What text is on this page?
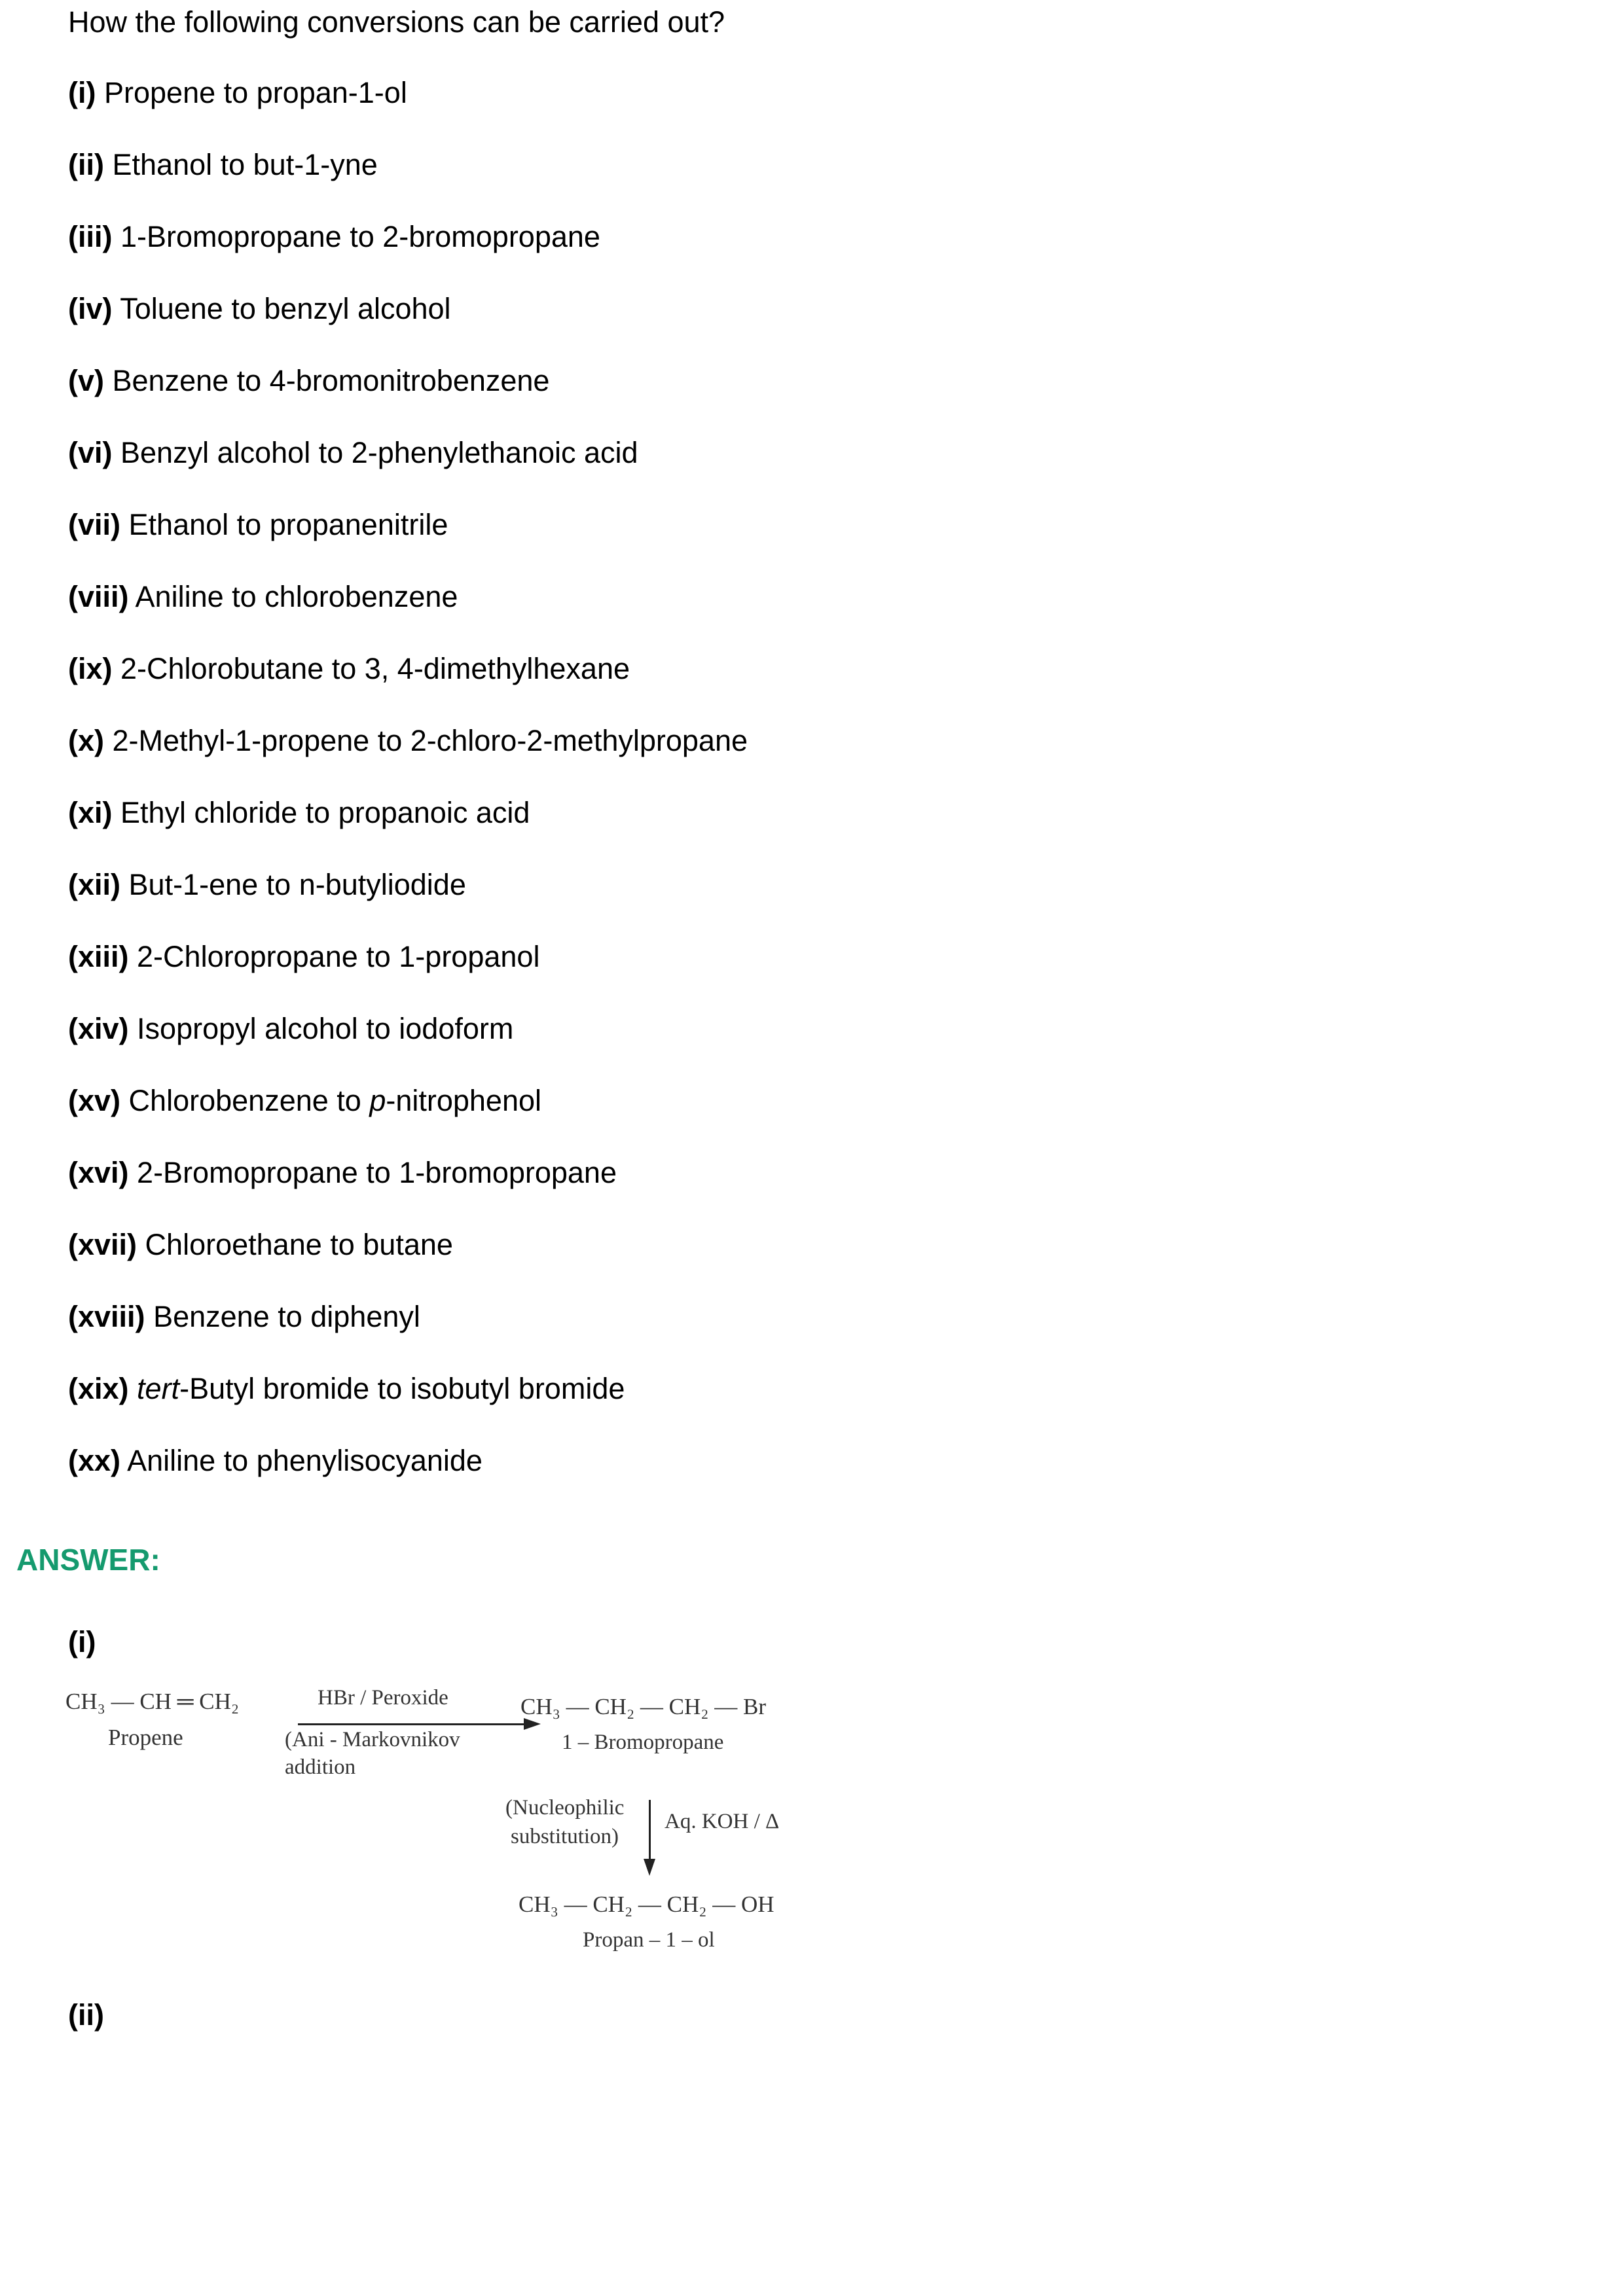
How the following conversions can be carried out?
(i) Propene to propan-1-ol
(ii) Ethanol to but-1-yne
(iii) 1-Bromopropane to 2-bromopropane
(iv) Toluene to benzyl alcohol
(v) Benzene to 4-bromonitrobenzene
(vi) Benzyl alcohol to 2-phenylethanoic acid
(vii) Ethanol to propanenitrile
(viii) Aniline to chlorobenzene
(ix) 2-Chlorobutane to 3, 4-dimethylhexane
(x) 2-Methyl-1-propene to 2-chloro-2-methylpropane
(xi) Ethyl chloride to propanoic acid
(xii) But-1-ene to n-butyliodide
(xiii) 2-Chloropropane to 1-propanol
(xiv) Isopropyl alcohol to iodoform
(xv) Chlorobenzene to p-nitrophenol
(xvi) 2-Bromopropane to 1-bromopropane
(xvii) Chloroethane to butane
(xviii) Benzene to diphenyl
(xix) tert-Butyl bromide to isobutyl bromide
(xx) Aniline to phenylisocyanide
ANSWER:
(i)
CH₃ — CH ═ CH₂
Propene
HBr / Peroxide
(Ani - Markovnikov
addition
CH₃ — CH₂ — CH₂ — Br
1 – Bromopropane
(Nucleophilic
substitution)
Aq. KOH / Δ
CH₃ — CH₂ — CH₂ — OH
Propan – 1 – ol
(ii)
